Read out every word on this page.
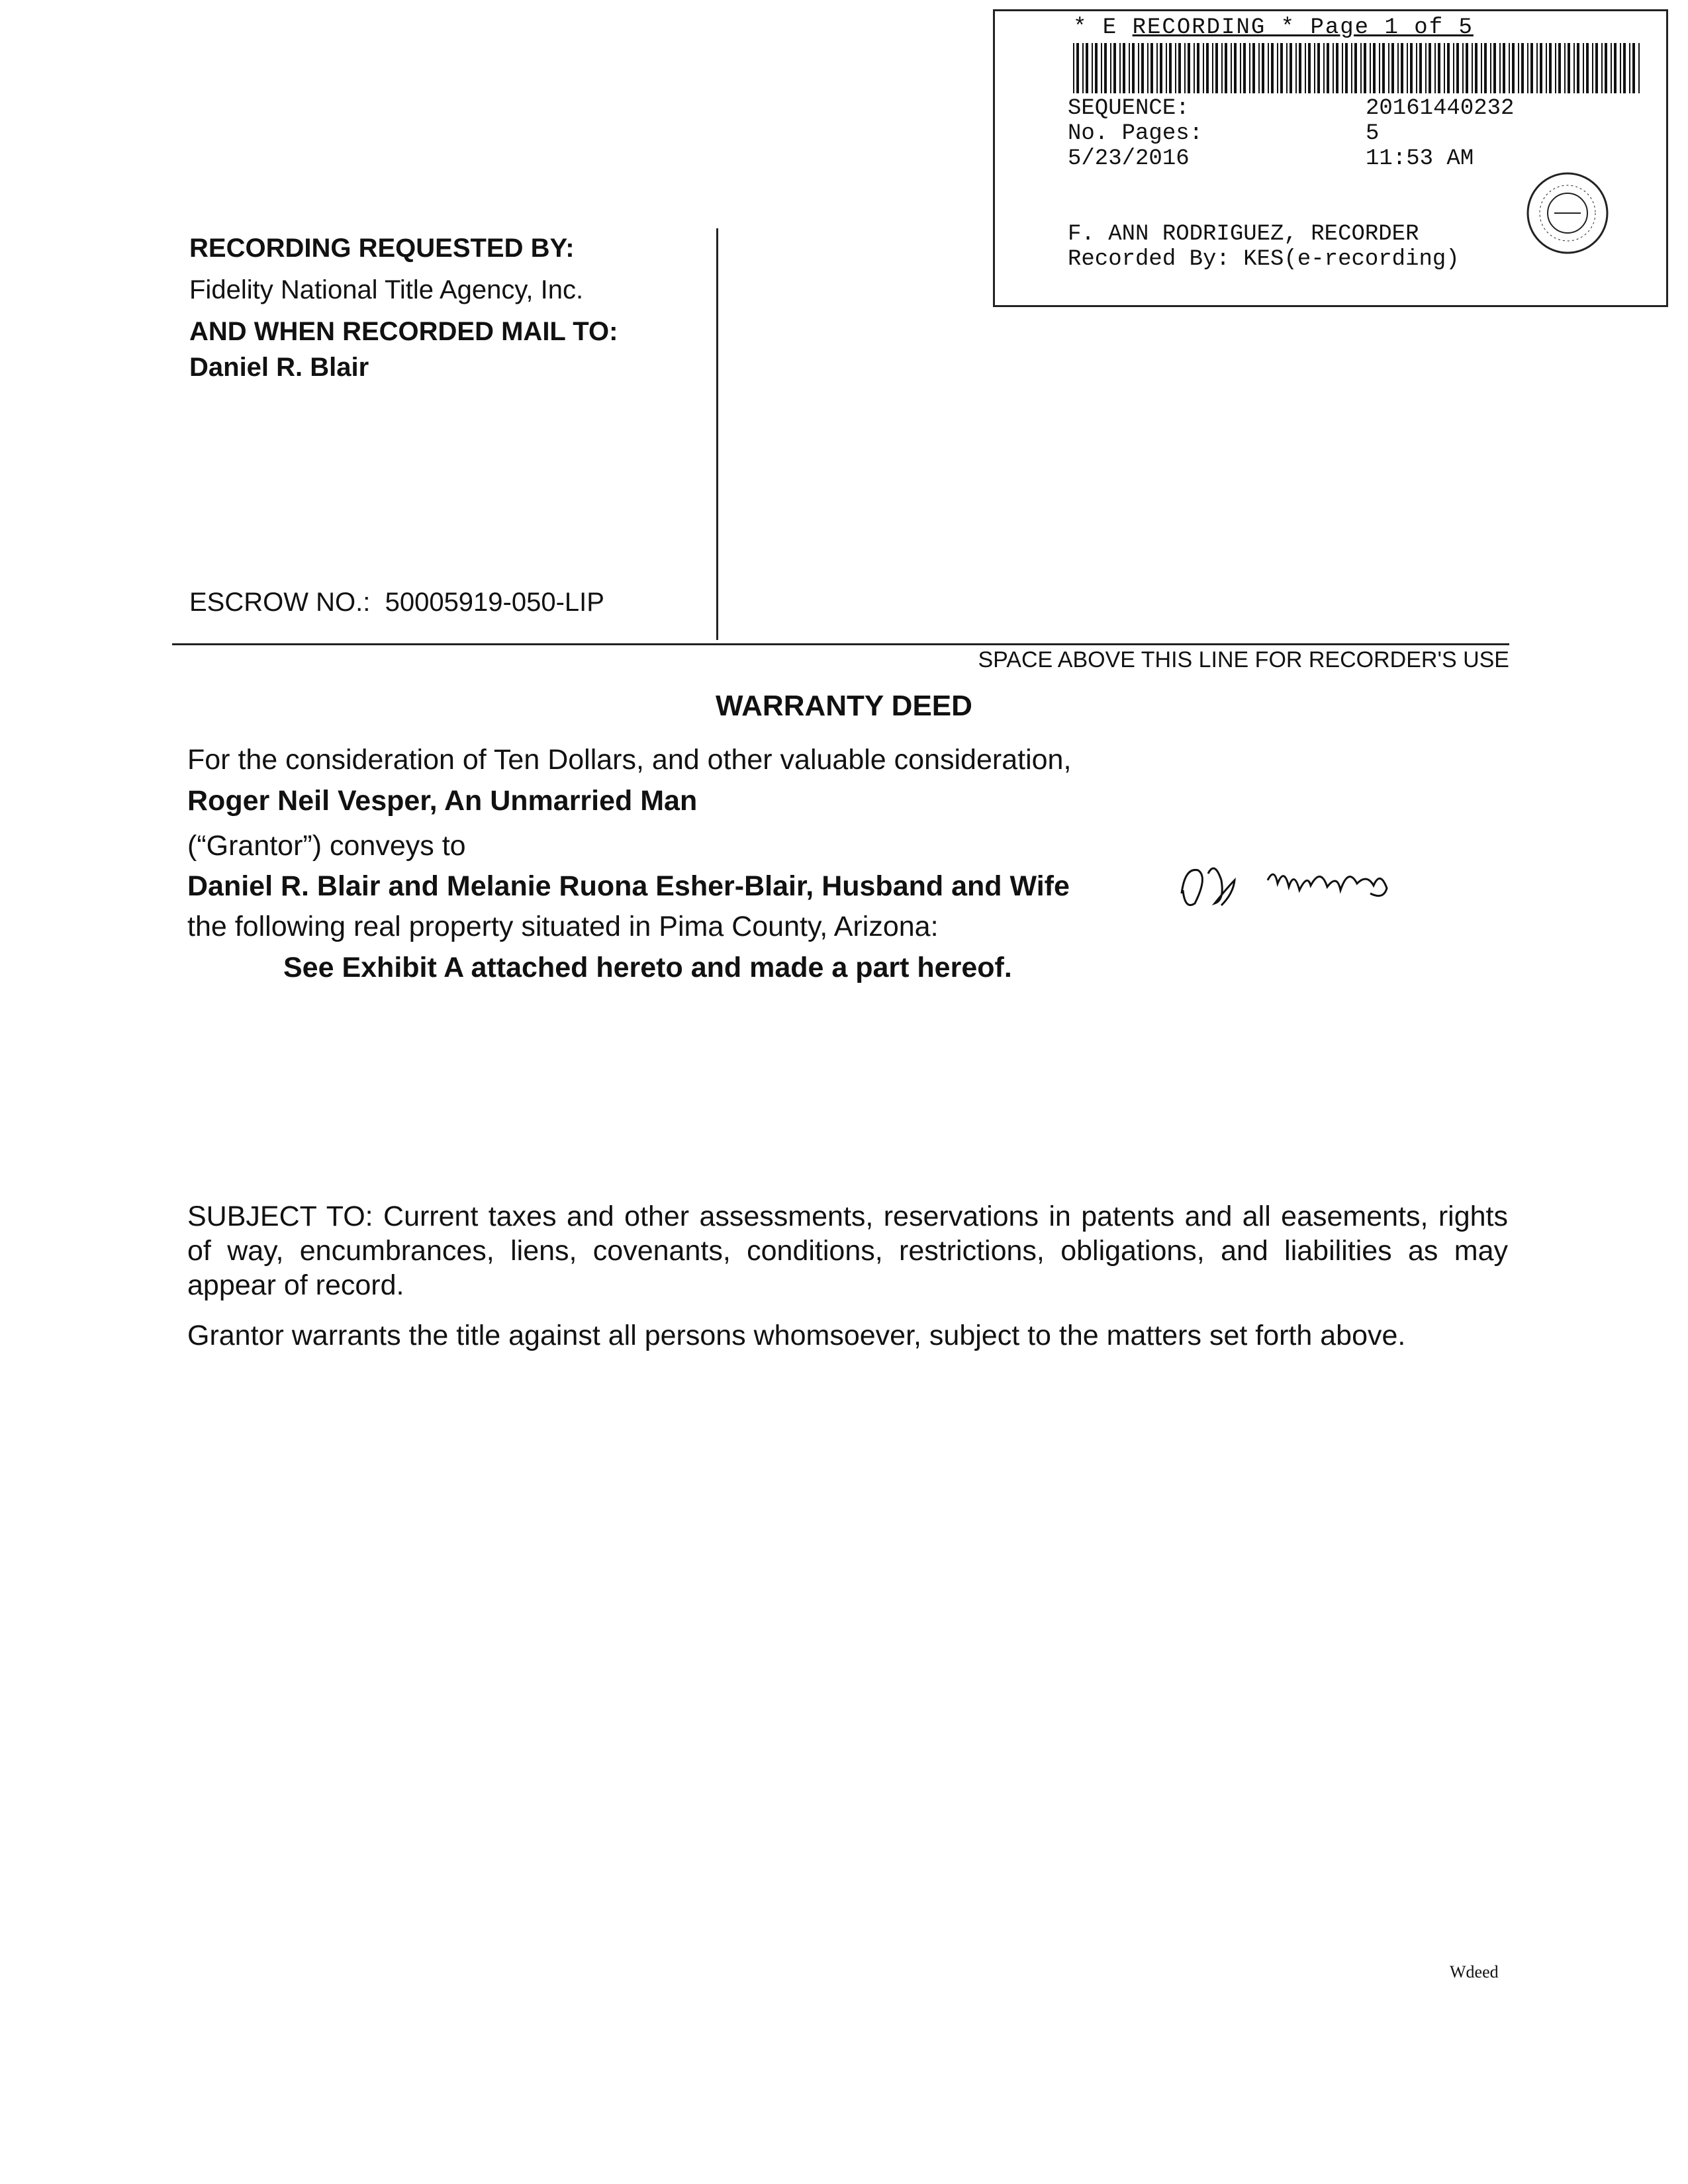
* E RECORDING * Page 1 of 5
SEQUENCE:	20161440232
No. Pages:	5
5/23/2016	11:53 AM
F. ANN RODRIGUEZ, RECORDER
Recorded By: KES(e-recording)
RECORDING REQUESTED BY:
Fidelity National Title Agency, Inc.
AND WHEN RECORDED MAIL TO:
Daniel R. Blair
ESCROW NO.: 50005919-050-LIP
SPACE ABOVE THIS LINE FOR RECORDER'S USE
WARRANTY DEED
For the consideration of Ten Dollars, and other valuable consideration,
Roger Neil Vesper, An Unmarried Man
(“Grantor”) conveys to
Daniel R. Blair and Melanie Ruona Esher-Blair, Husband and Wife
the following real property situated in Pima County, Arizona:
See Exhibit A attached hereto and made a part hereof.
SUBJECT TO: Current taxes and other assessments, reservations in patents and all easements, rights of way, encumbrances, liens, covenants, conditions, restrictions, obligations, and liabilities as may appear of record.
Grantor warrants the title against all persons whomsoever, subject to the matters set forth above.
Wdeed
